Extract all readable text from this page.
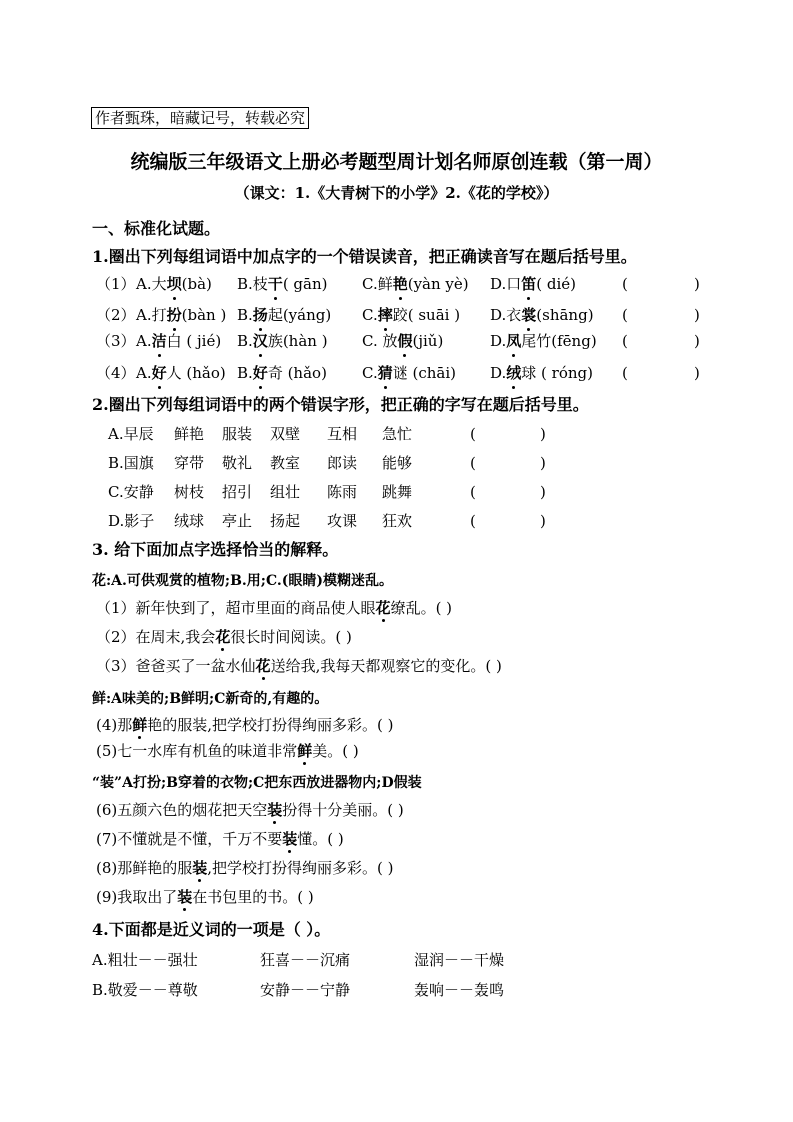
作者甄珠，暗藏记号，转载必究
统编版三年级语文上册必考题型周计划名师原创连载（第一周）
（课文：1.《大青树下的小学》2.《花的学校》）
一、标准化试题。
1.圈出下列每组词语中加点字的一个错误读音，把正确读音写在题后括号里。
（1） A.大坝(bà) B.枝干( gān) C.鲜艳(yàn yè) D.口笛( dié)	(	)
（2） A.打扮(bàn ) B.扬起(yáng) C.摔跤( suāi ) D.衣裳(shāng) (	)
（3） A.洁白 ( jié) B.汉族(hàn ) C. 放假(jiǔ)	D.凤尾竹(fēng) (	)
（4） A.好人 (hǎo) B.好奇 (hǎo) C.猜谜 (chāi) D.绒球 ( róng) (	)
2.圈出下列每组词语中的两个错误字形，把正确的字写在题后括号里。
A.早辰 鲜艳 服装 双壁 互相 急忙	(	)
B.国旗 穿带 敬礼 教室 郎读 能够	(	)
C.安静 树枝 招引 组壮 陈雨 跳舞	(	)
D.影子 绒球 亭止 扬起 攻课 狂欢	(	)
3. 给下面加点字选择恰当的解释。
花:A.可供观赏的植物;B.用;C.(眼睛)模糊迷乱。
（1）新年快到了，超市里面的商品使人眼花缭乱。( )
（2）在周末,我会花很长时间阅读。( )
（3）爸爸买了一盆水仙花送给我,我每天都观察它的变化。( )
鲜:A味美的;B鲜明;C新奇的,有趣的。
(4)那鲜艳的服装,把学校打扮得绚丽多彩。( )
(5)七一水库有机鱼的味道非常鲜美。( )
“装”A打扮;B穿着的衣物;C把东西放进器物内;D假装
(6)五颜六色的烟花把天空装扮得十分美丽。( )
(7)不懂就是不懂，千万不要装懂。( )
(8)那鲜艳的服装,把学校打扮得绚丽多彩。( )
(9)我取出了装在书包里的书。( )
4.下面都是近义词的一项是（ ）。
A.粗壮－－强壮	狂喜－－沉痛	湿润－－干燥
B.敬爱－－尊敬	安静－－宁静	轰响－－轰鸣
